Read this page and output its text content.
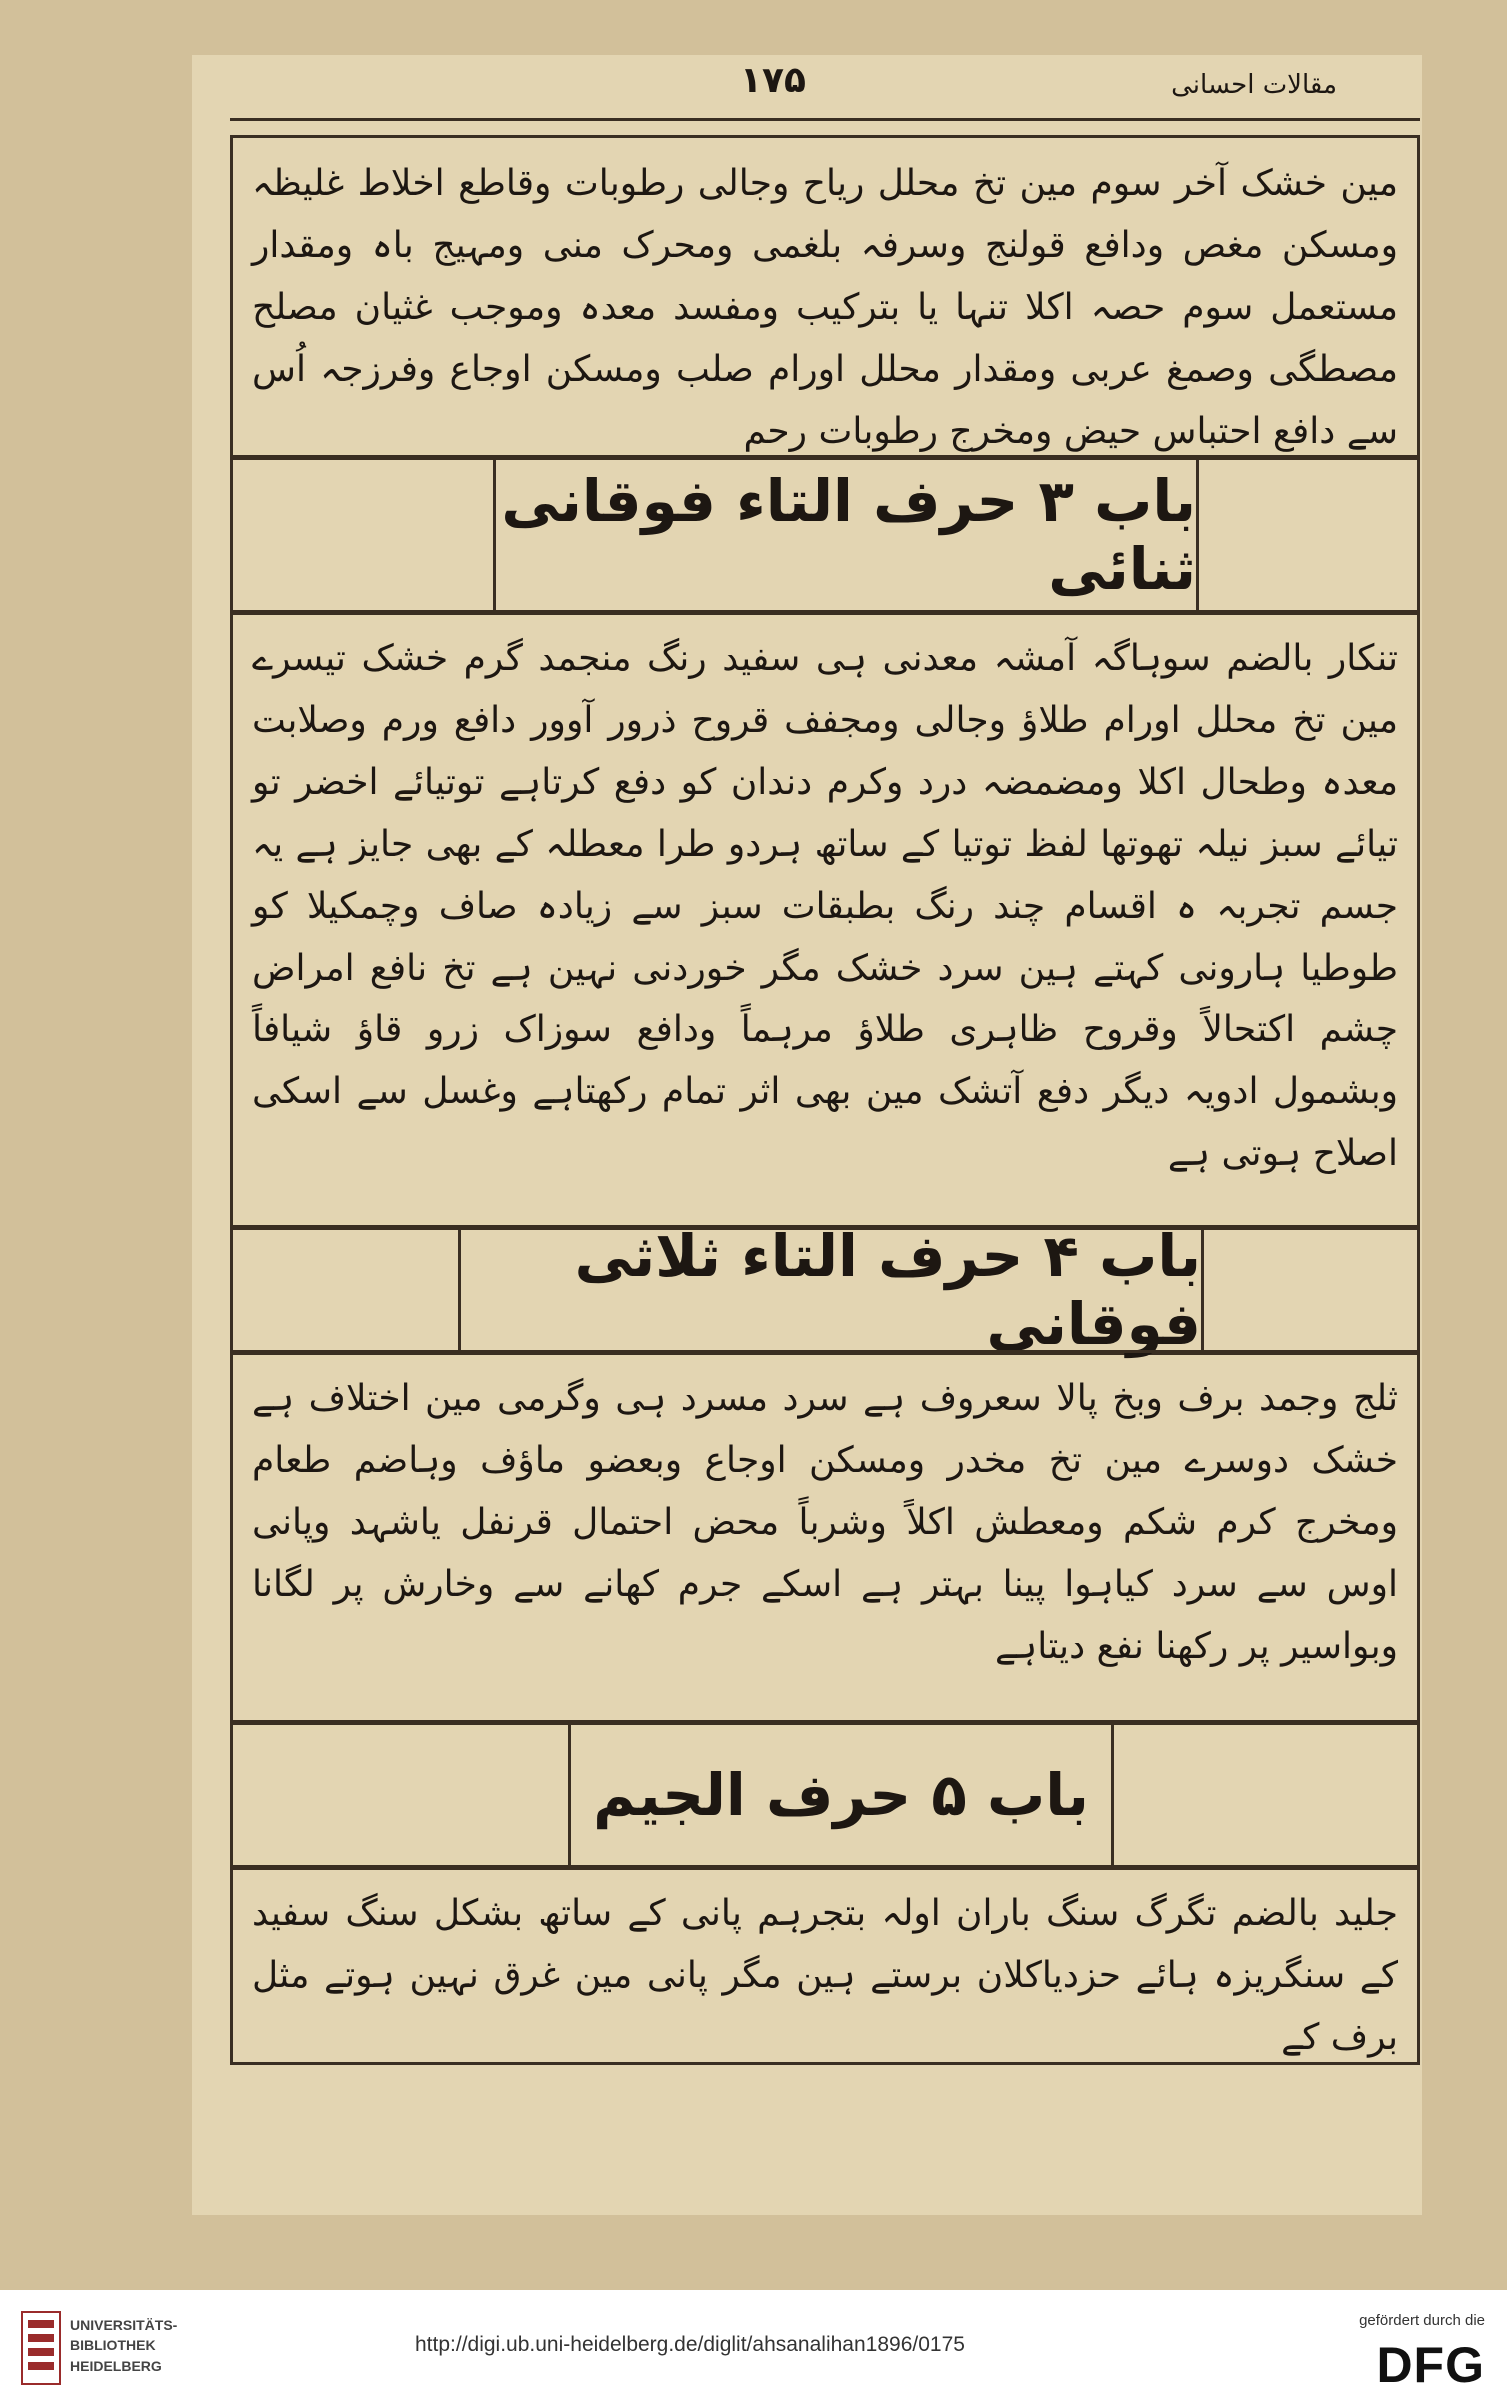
۱۷۵	مقالات احسانی
مین خشک آخر سوم مین تخ محلل ریاح وجالی رطوبات وقاطع اخلاط غلیظہ ومسکن مغص ودافع قولنج وسرفہ بلغمی ومحرک منی ومہیج باہ ومقدار مستعمل سوم حصہ اکلا تنہا یا بترکیب ومفسد معدہ وموجب غثیان مصلح مصطگی وصمغ عربی ومقدار محلل اورام صلب ومسکن اوجاع وفرزجہ اُس سے دافع احتباس حیض ومخرج رطوبات رحم
باب ۳ حرف التاء فوقانی ثنائی
تنکار بالضم سوہاگہ آمشہ معدنی ہی سفید رنگ منجمد گرم خشک تیسرے مین تخ محلل اورام طلاؤ وجالی ومجفف قروح ذرور آوور دافع ورم وصلابت معدہ وطحال اکلا ومضمضہ درد وکرم دندان کو دفع کرتاہے توتیائے اخضر تو تیائے سبز نیلہ تھوتھا لفظ توتیا کے ساتھ ہردو طرا معطلہ کے بھی جایز ہے یہ جسم تجربہ ہ اقسام چند رنگ بطبقات سبز سے زیادہ صاف وچمکیلا کو طوطیا ہارونی کہتے ہین سرد خشک مگر خوردنی نہین ہے تخ نافع امراض چشم اکتحالاً وقروح ظاہری طلاؤ مرہماً ودافع سوزاک زرو قاؤ شیافاً وبشمول ادویہ دیگر دفع آتشک مین بھی اثر تمام رکھتاہے وغسل سے اسکی اصلاح ہوتی ہے
باب ۴ حرف التاء ثلاثی فوقانی
ثلج وجمد برف وبخ پالا سعروف ہے سرد مسرد ہی وگرمی مین اختلاف ہے خشک دوسرے مین تخ مخدر ومسکن اوجاع وبعضو ماؤف وہاضم طعام ومخرج کرم شکم ومعطش اکلاً وشرباً محض احتمال قرنفل یاشہد وپانی اوس سے سرد کیاہوا پینا بہتر ہے اسکے جرم کھانے سے وخارش پر لگانا وبواسیر پر رکھنا نفع دیتاہے
باب ۵ حرف الجیم
جلید بالضم تگرگ سنگ باران اولہ بتجرہم پانی کے ساتھ بشکل سنگ سفید کے سنگریزہ ہائے حزدیاکلان برستے ہین مگر پانی مین غرق نہین ہوتے مثل برف کے
UNIVERSITÄTS-
BIBLIOTHEK
HEIDELBERG
http://digi.ub.uni-heidelberg.de/diglit/ahsanalihan1896/0175
gefördert durch die
DFG
